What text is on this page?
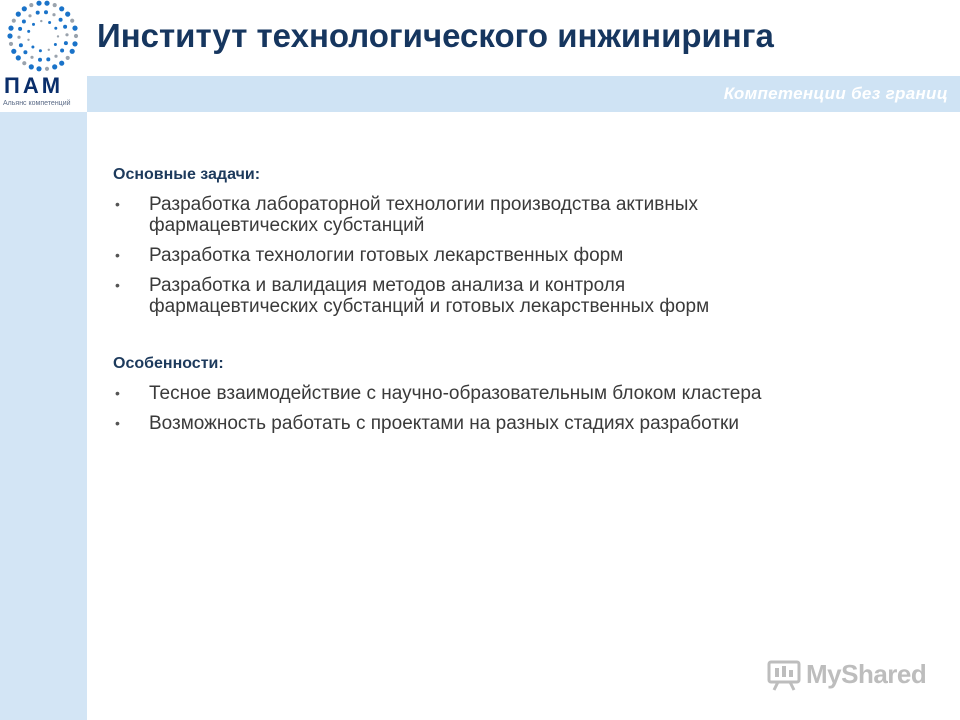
Компетенции без границ
ПАМ
Альянс компетенций
Институт технологического инжиниринга
Основные задачи:
• Разработка лабораторной технологии производства активных фармацевтических субстанций
• Разработка технологии готовых лекарственных форм
• Разработка и валидация методов анализа и контроля фармацевтических субстанций и готовых лекарственных форм
Особенности:
• Тесное взаимодействие с научно-образовательным блоком кластера
• Возможность работать с проектами на разных стадиях разработки
MyShared
